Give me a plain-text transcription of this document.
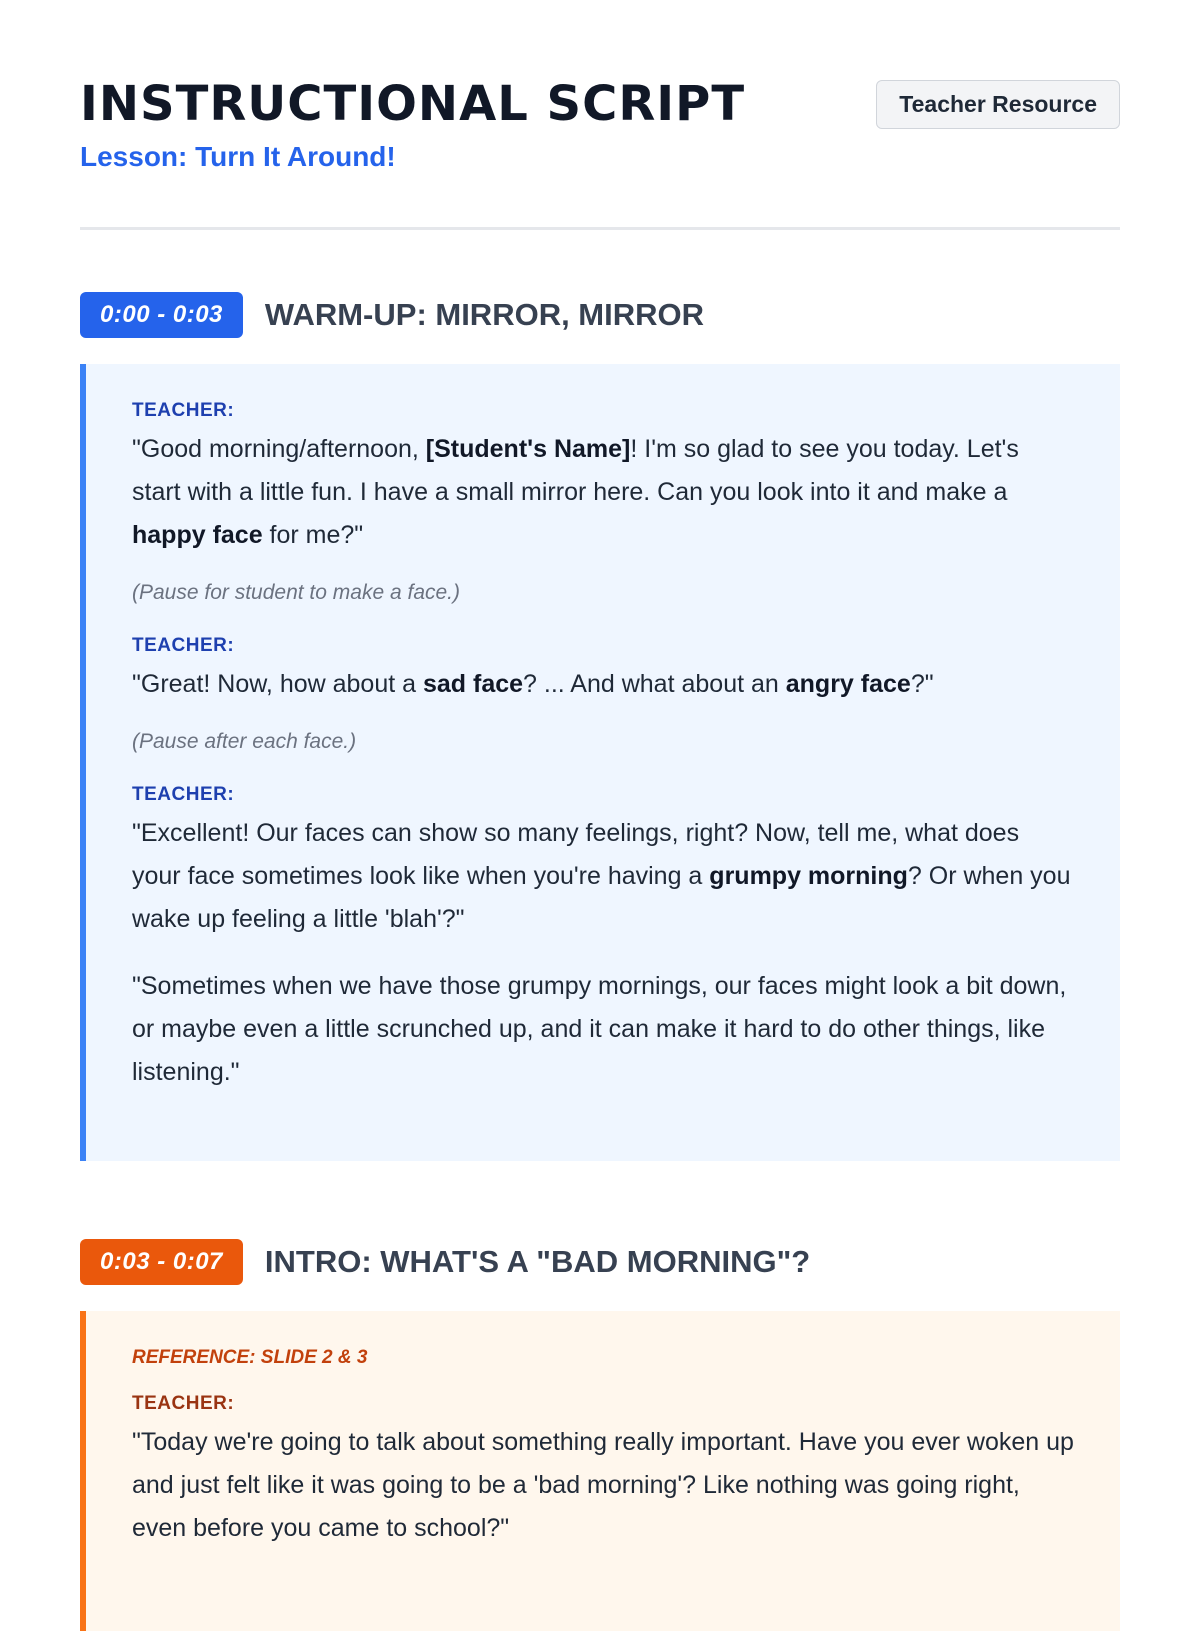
INSTRUCTIONAL SCRIPT
Lesson: Turn It Around!
Teacher Resource
0:00 - 0:03	WARM-UP: MIRROR, MIRROR
TEACHER:

"Good morning/afternoon, [Student's Name]! I'm so glad to see you today. Let's start with a little fun. I have a small mirror here. Can you look into it and make a happy face for me?"

(Pause for student to make a face.)

TEACHER:

"Great! Now, how about a sad face? ... And what about an angry face?"

(Pause after each face.)

TEACHER:

"Excellent! Our faces can show so many feelings, right? Now, tell me, what does your face sometimes look like when you're having a grumpy morning? Or when you wake up feeling a little 'blah'?"

"Sometimes when we have those grumpy mornings, our faces might look a bit down, or maybe even a little scrunched up, and it can make it hard to do other things, like listening."

0:03 - 0:07	INTRO: WHAT'S A "BAD MORNING"?
REFERENCE: SLIDE 2 & 3
TEACHER:

"Today we're going to talk about something really important. Have you ever woken up and just felt like it was going to be a 'bad morning'? Like nothing was going right, even before you came to school?"
